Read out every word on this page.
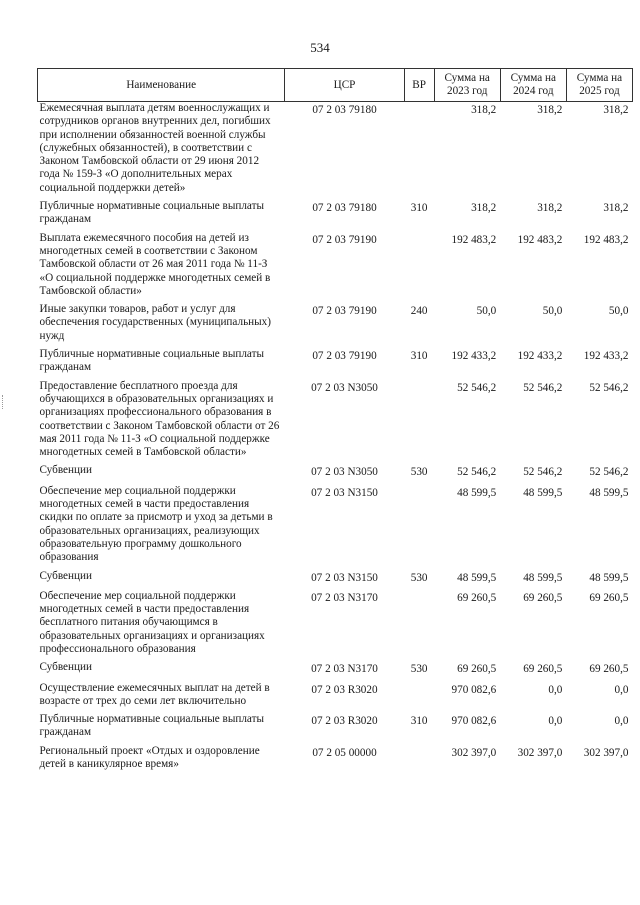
534
Наименование	ЦСР	ВР	Сумма на 2023 год	Сумма на 2024 год	Сумма на 2025 год
Ежемесячная выплата детям военнослужащих и сотрудников органов внутренних дел, погибших при исполнении обязанностей военной службы (служебных обязанностей), в соответствии с Законом Тамбовской области от 29 июня 2012 года № 159-З «О дополнительных мерах социальной поддержки детей»	07 2 03 79180		318,2	318,2	318,2
Публичные нормативные социальные выплаты гражданам	07 2 03 79180	310	318,2	318,2	318,2
Выплата ежемесячного пособия на детей из многодетных семей в соответствии с Законом Тамбовской области от 26 мая 2011 года № 11-З «О социальной поддержке многодетных семей в Тамбовской области»	07 2 03 79190		192 483,2	192 483,2	192 483,2
Иные закупки товаров, работ и услуг для обеспечения государственных (муниципальных) нужд	07 2 03 79190	240	50,0	50,0	50,0
Публичные нормативные социальные выплаты гражданам	07 2 03 79190	310	192 433,2	192 433,2	192 433,2
Предоставление бесплатного проезда для обучающихся в образовательных организациях и организациях профессионального образования в соответствии с Законом Тамбовской области от 26 мая 2011 года № 11-З «О социальной поддержке многодетных семей в Тамбовской области»	07 2 03 N3050		52 546,2	52 546,2	52 546,2
Субвенции	07 2 03 N3050	530	52 546,2	52 546,2	52 546,2
Обеспечение мер социальной поддержки многодетных семей в части предоставления скидки по оплате за присмотр и уход за детьми в образовательных организациях, реализующих образовательную программу дошкольного образования	07 2 03 N3150		48 599,5	48 599,5	48 599,5
Субвенции	07 2 03 N3150	530	48 599,5	48 599,5	48 599,5
Обеспечение мер социальной поддержки многодетных семей в части предоставления бесплатного питания обучающимся в образовательных организациях и организациях профессионального образования	07 2 03 N3170		69 260,5	69 260,5	69 260,5
Субвенции	07 2 03 N3170	530	69 260,5	69 260,5	69 260,5
Осуществление ежемесячных выплат на детей в возрасте от трех до семи лет включительно	07 2 03 R3020		970 082,6	0,0	0,0
Публичные нормативные социальные выплаты гражданам	07 2 03 R3020	310	970 082,6	0,0	0,0
Региональный проект «Отдых и оздоровление детей в каникулярное время»	07 2 05 00000		302 397,0	302 397,0	302 397,0
